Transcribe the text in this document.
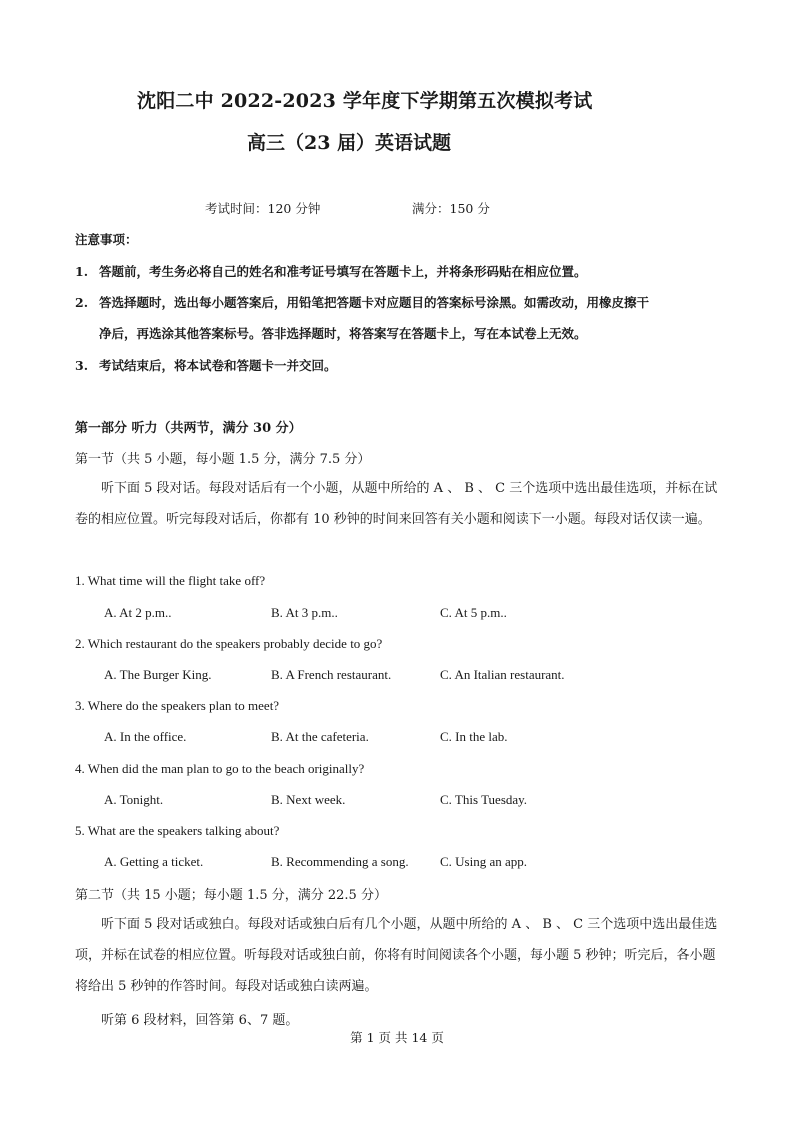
沈阳二中 2022-2023 学年度下学期第五次模拟考试
高三（23 届）英语试题
考试时间：120 分钟	满分：150 分
注意事项：
1. 答题前，考生务必将自己的姓名和准考证号填写在答题卡上，并将条形码贴在相应位置。
2. 答选择题时，选出每小题答案后，用铅笔把答题卡对应题目的答案标号涂黑。如需改动，用橡皮擦干
净后，再选涂其他答案标号。答非选择题时，将答案写在答题卡上，写在本试卷上无效。
3. 考试结束后，将本试卷和答题卡一并交回。
第一部分 听力（共两节，满分 30 分）
第一节（共 5 小题，每小题 1.5 分，满分 7.5 分）
听下面 5 段对话。每段对话后有一个小题，从题中所给的 A 、 B 、 C 三个选项中选出最佳选项，并标在试卷的相应位置。听完每段对话后，你都有 10 秒钟的时间来回答有关小题和阅读下一小题。每段对话仅读一遍。
1. What time will the flight take off?
A. At 2 p.m..	B. At 3 p.m..	C. At 5 p.m..
2. Which restaurant do the speakers probably decide to go?
A. The Burger King.	B. A French restaurant.	C. An Italian restaurant.
3. Where do the speakers plan to meet?
A. In the office.	B. At the cafeteria.	C. In the lab.
4. When did the man plan to go to the beach originally?
A. Tonight.	B. Next week.	C. This Tuesday.
5. What are the speakers talking about?
A. Getting a ticket.	B. Recommending a song. C. Using an app.
第二节（共 15 小题；每小题 1.5 分，满分 22.5 分）
听下面 5 段对话或独白。每段对话或独白后有几个小题，从题中所给的 A 、 B 、 C 三个选项中选出最佳选项，并标在试卷的相应位置。听每段对话或独白前，你将有时间阅读各个小题，每小题 5 秒钟；听完后，各小题将给出 5 秒钟的作答时间。每段对话或独白读两遍。
听第 6 段材料，回答第 6、7 题。
第 1 页 共 14 页
